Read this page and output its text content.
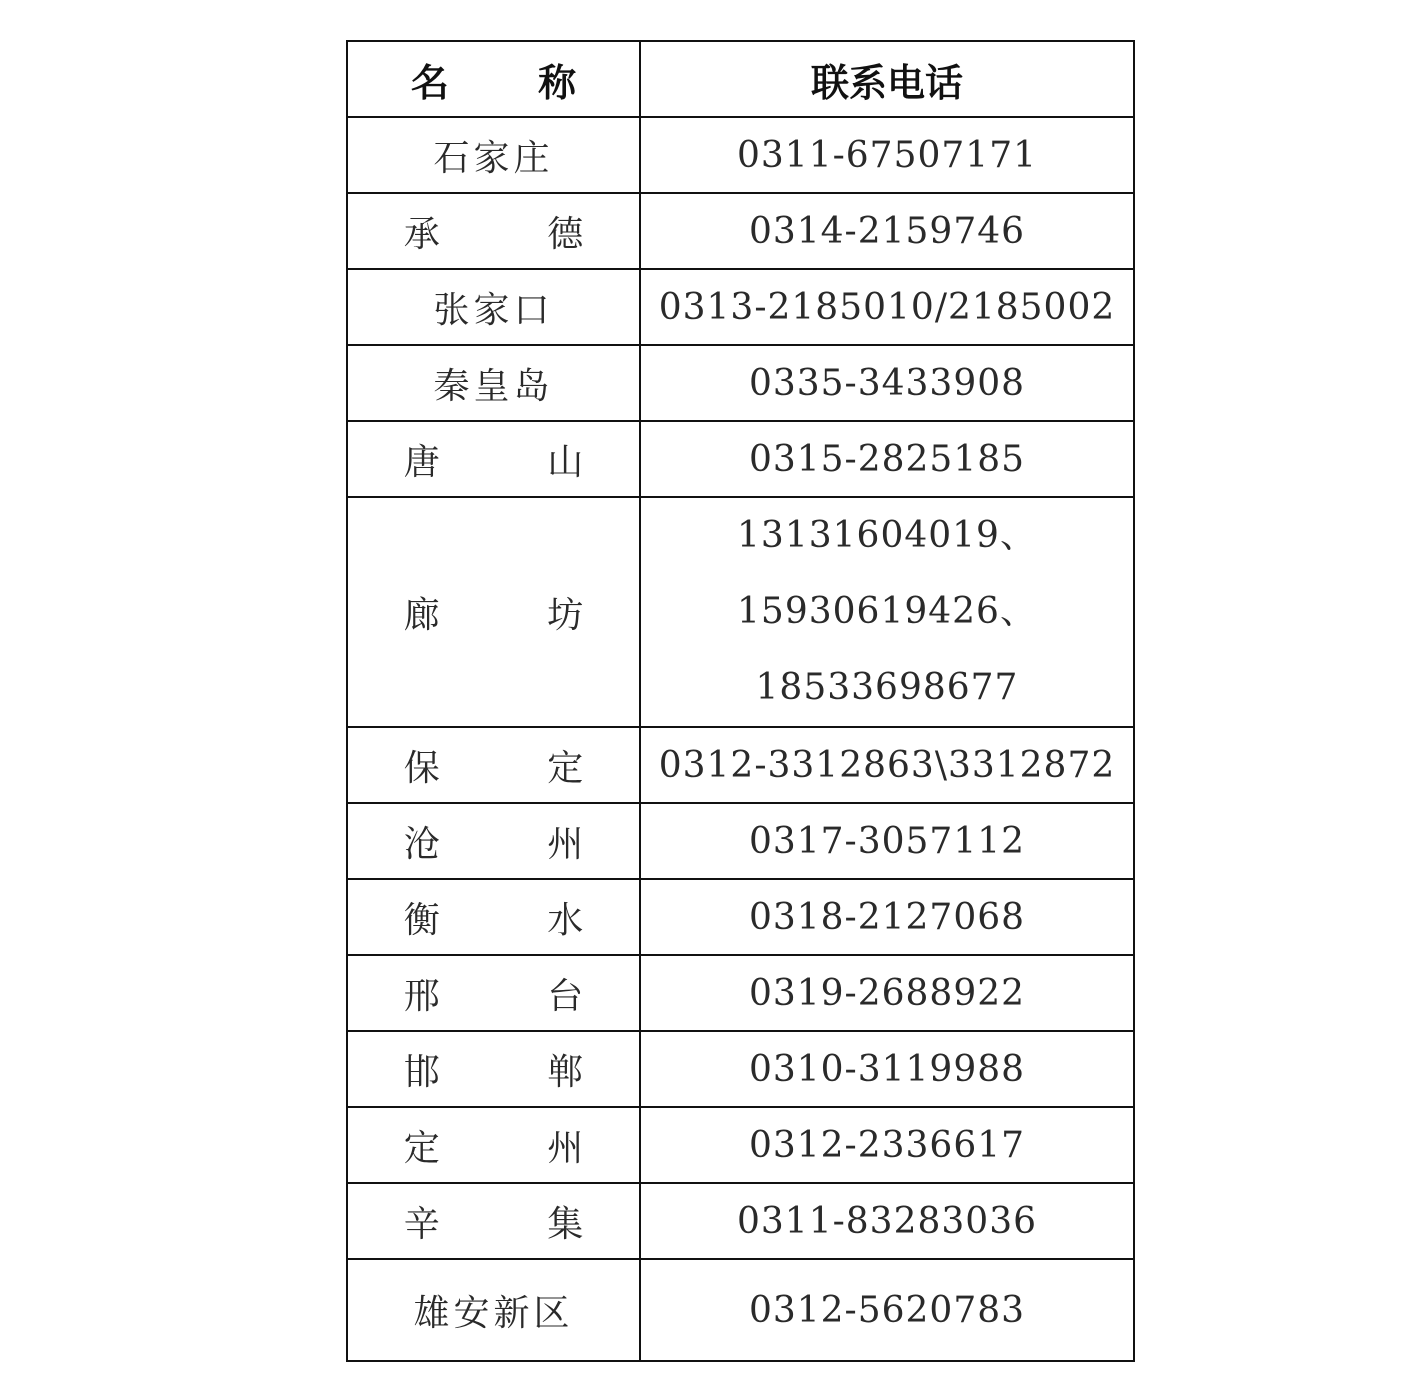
名 称	联系电话
石家庄	0311-67507171
承 德	0314-2159746
张家口	0313-2185010/2185002
秦皇岛	0335-3433908
唐 山	0315-2825185
廊 坊	13131604019、
15930619426、
18533698677

保 定	0312-3312863\3312872
沧 州	0317-3057112
衡 水	0318-2127068
邢 台	0319-2688922
邯 郸	0310-3119988
定 州	0312-2336617
辛 集	0311-83283036
雄安新区	0312-5620783
